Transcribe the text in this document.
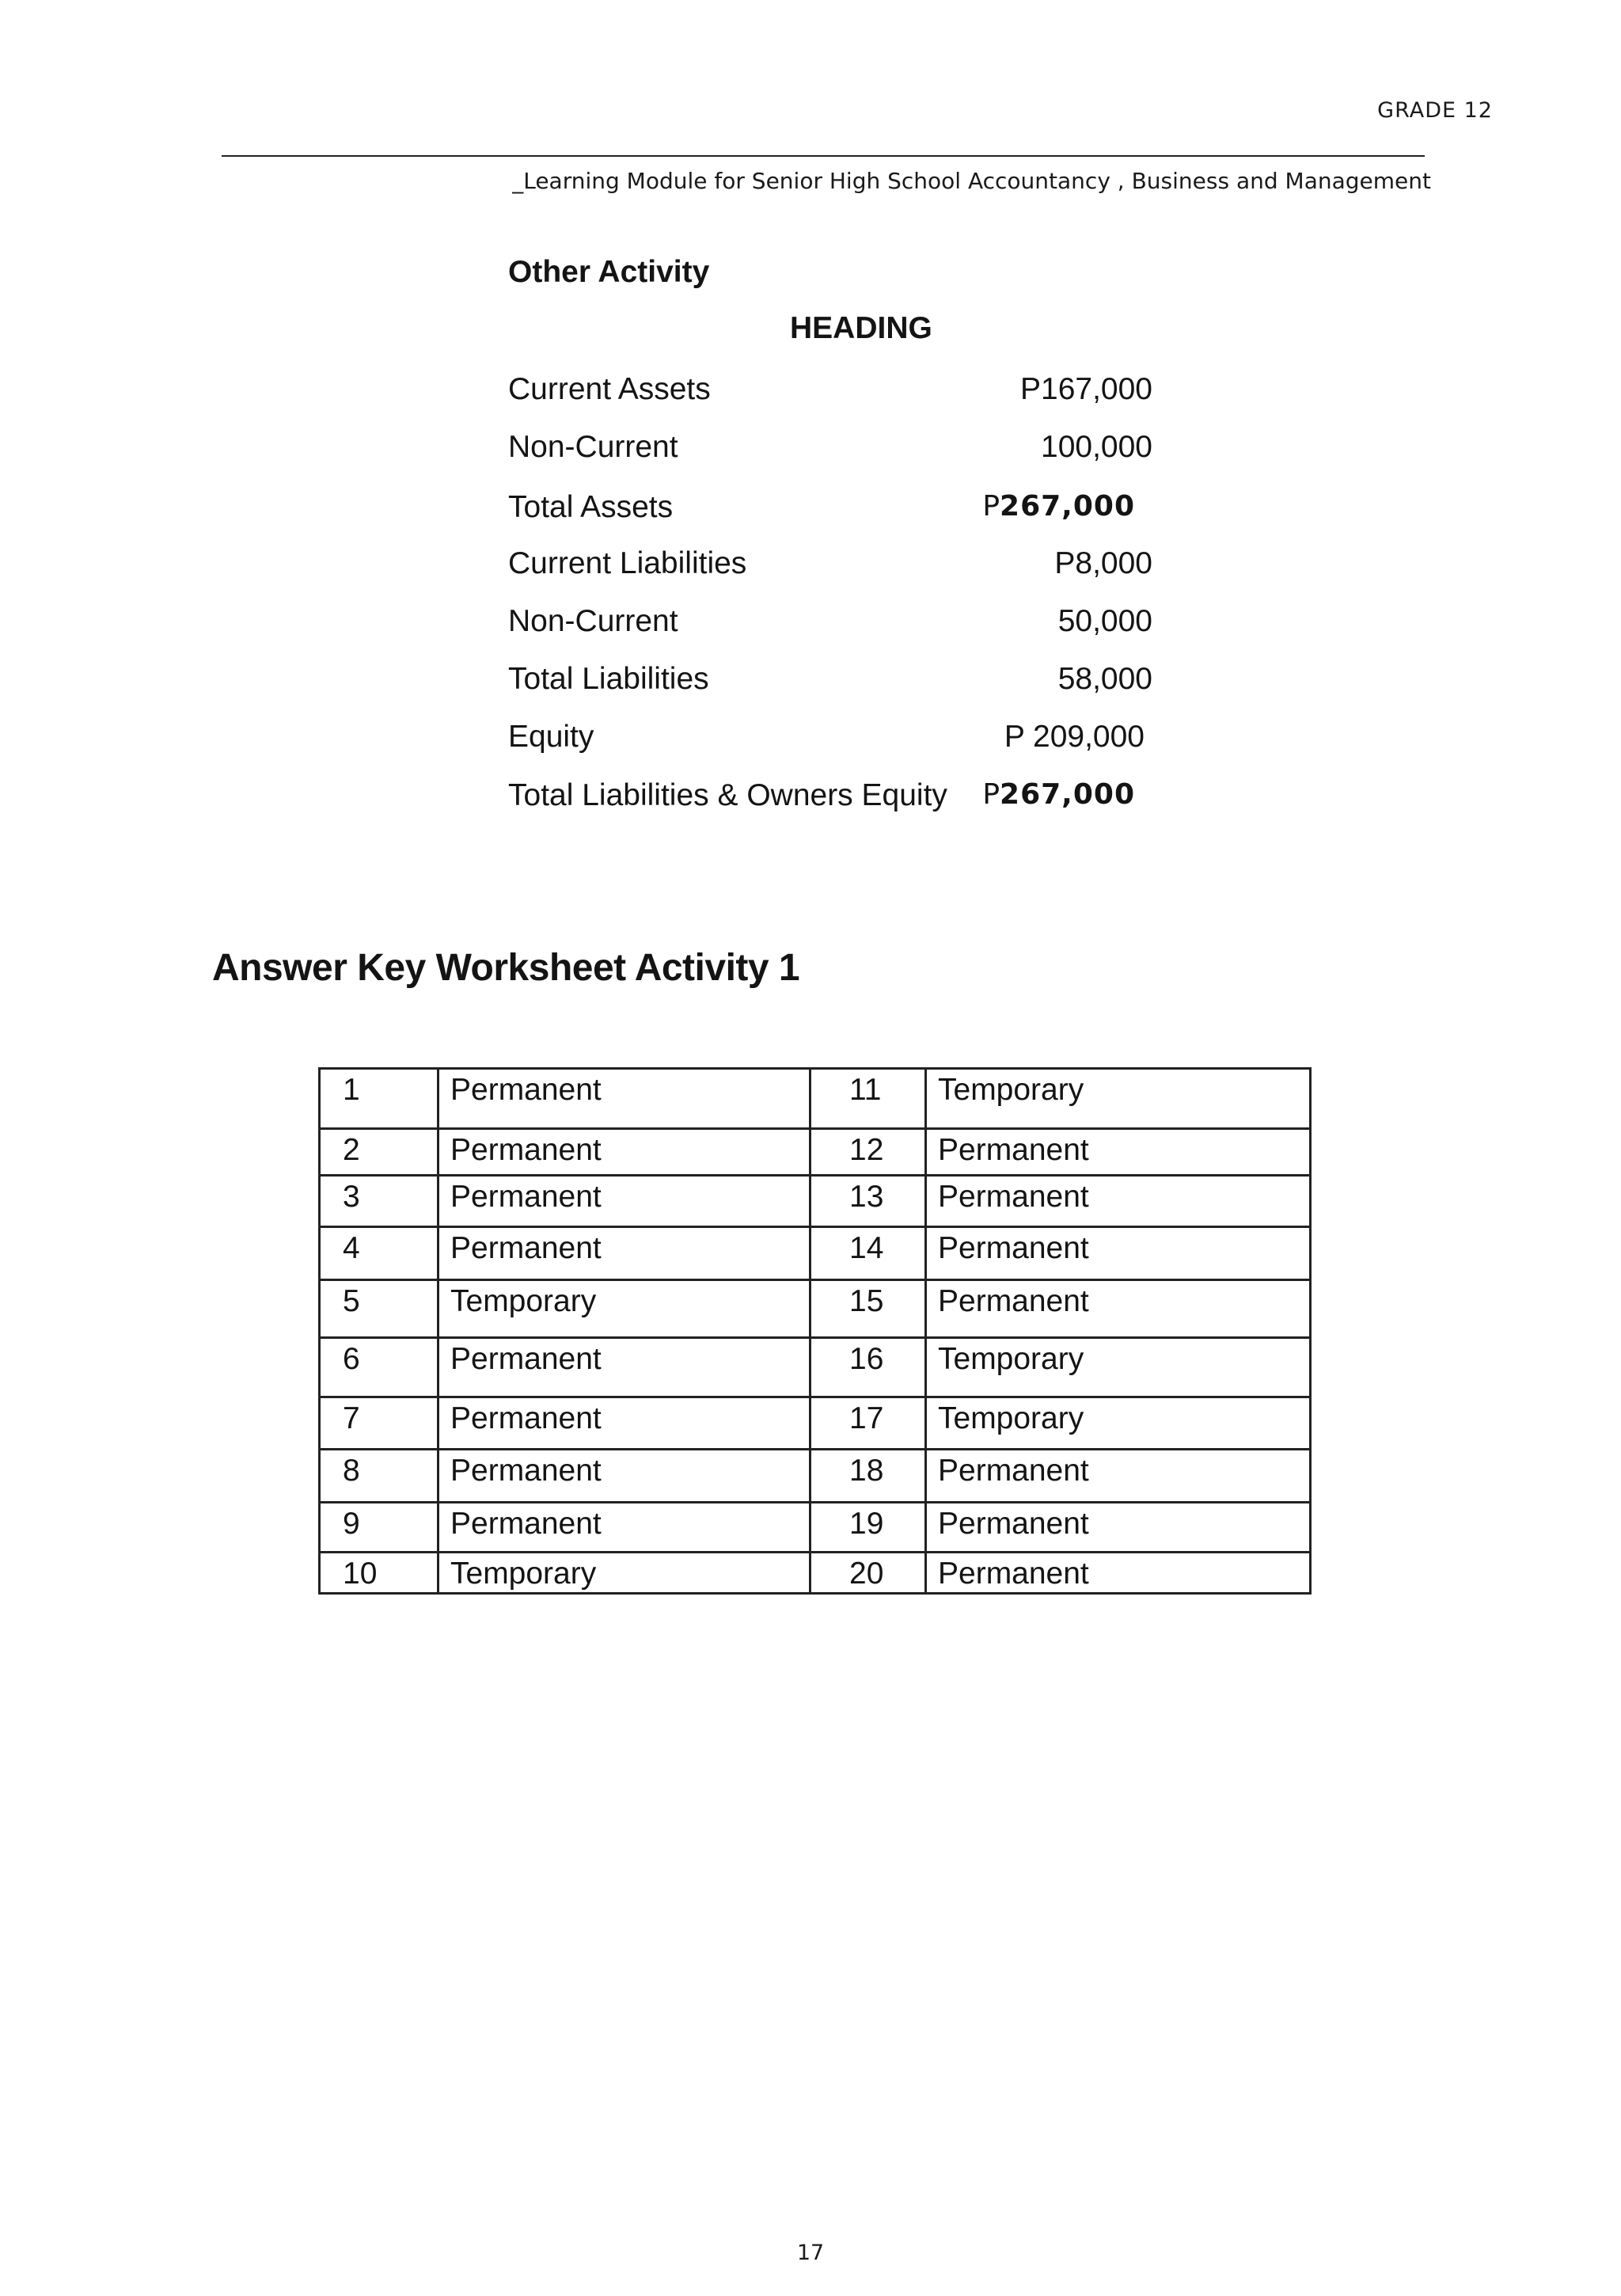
GRADE 12
_Learning Module for Senior High School Accountancy , Business and Management
Other Activity
HEADING
Current Assets	P167,000
Non-Current	100,000
Total Assets	P267,000
Current Liabilities	P8,000
Non-Current	50,000
Total Liabilities	58,000
Equity	P 209,000
Total Liabilities & Owners Equity P267,000
Answer Key Worksheet Activity 1
1	Permanent	11	Temporary
2	Permanent	12	Permanent
3	Permanent	13	Permanent
4	Permanent	14	Permanent
5	Temporary	15	Permanent
6	Permanent	16	Temporary
7	Permanent	17	Temporary
8	Permanent	18	Permanent
9	Permanent	19	Permanent
10	Temporary	20	Permanent
17
